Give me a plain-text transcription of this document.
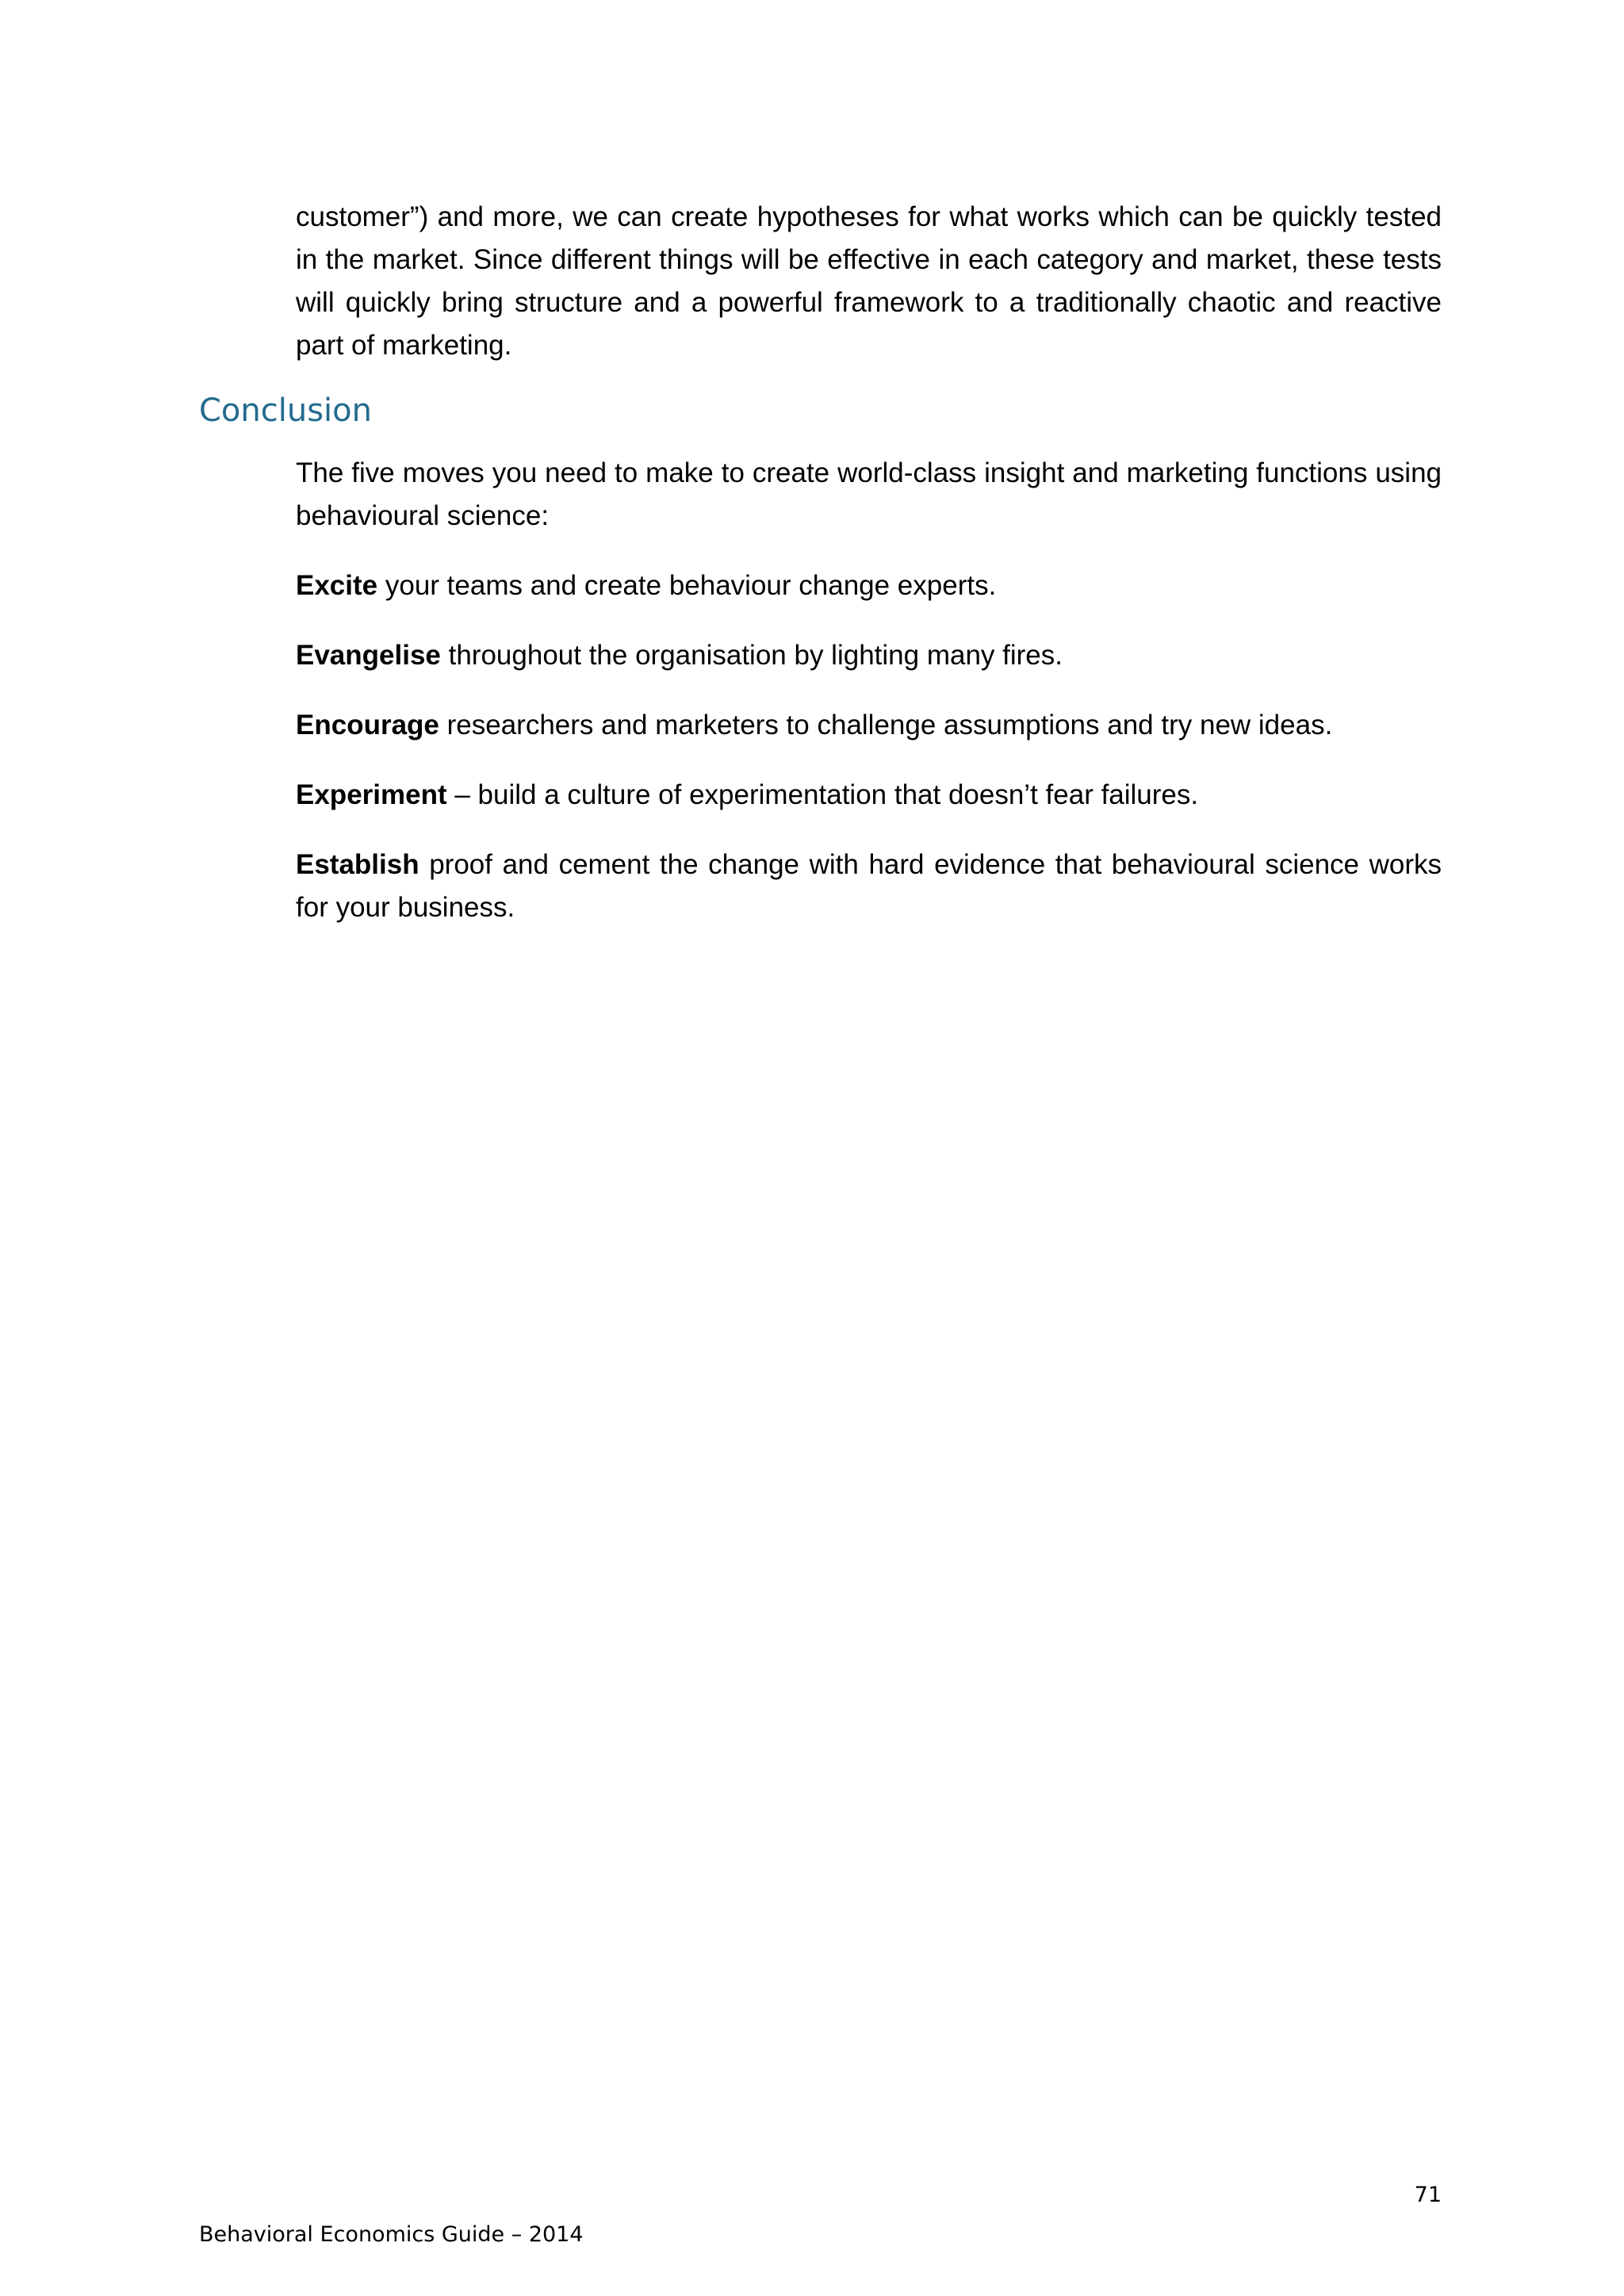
customer”) and more, we can create hypotheses for what works which can be quickly tested in the market. Since different things will be effective in each category and market, these tests will quickly bring structure and a powerful framework to a traditionally chaotic and reactive part of marketing.

Conclusion

The five moves you need to make to create world-class insight and marketing functions using behavioural science:

Excite your teams and create behaviour change experts.

Evangelise throughout the organisation by lighting many fires.

Encourage researchers and marketers to challenge assumptions and try new ideas.

Experiment – build a culture of experimentation that doesn’t fear failures.

Establish proof and cement the change with hard evidence that behavioural science works for your business.

71

Behavioral Economics Guide – 2014
